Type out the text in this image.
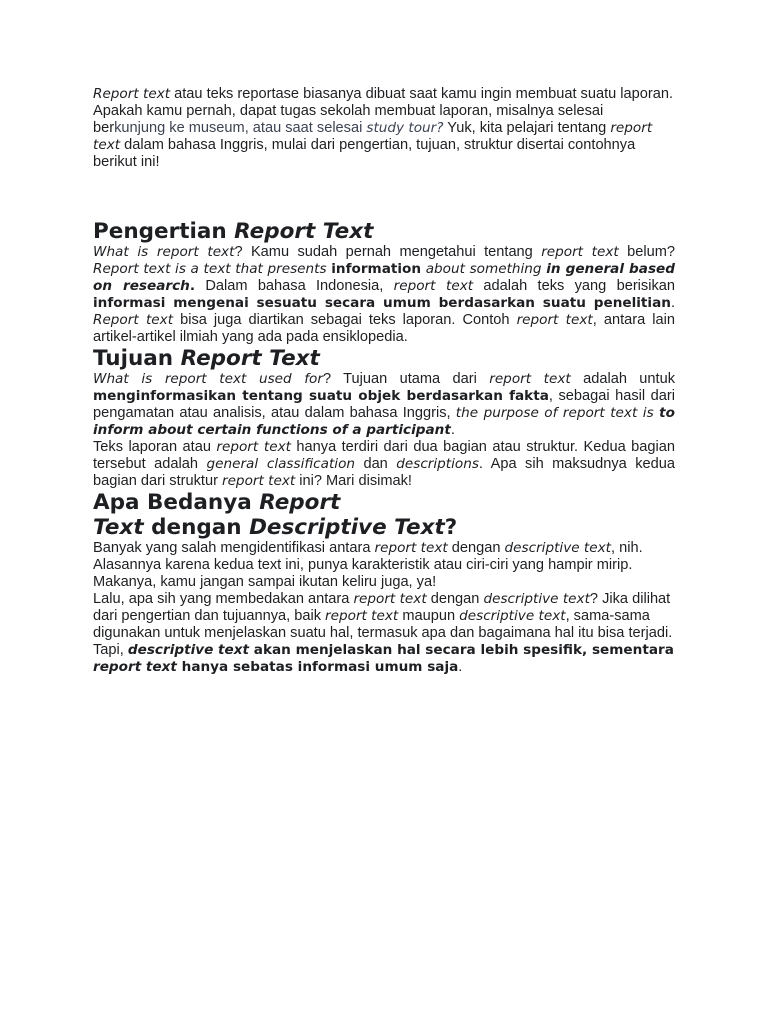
Report text atau teks reportase biasanya dibuat saat kamu ingin membuat suatu laporan. Apakah kamu pernah, dapat tugas sekolah membuat laporan, misalnya selesai berkunjung ke museum, atau saat selesai study tour? Yuk, kita pelajari tentang report text dalam bahasa Inggris, mulai dari pengertian, tujuan, struktur disertai contohnya berikut ini!

Pengertian Report Text

What is report text? Kamu sudah pernah mengetahui tentang report text belum? Report text is a text that presents information about something in general based on research. Dalam bahasa Indonesia, report text adalah teks yang berisikan informasi mengenai sesuatu secara umum berdasarkan suatu penelitian. Report text bisa juga diartikan sebagai teks laporan. Contoh report text, antara lain artikel-artikel ilmiah yang ada pada ensiklopedia.

Tujuan Report Text

What is report text used for? Tujuan utama dari report text adalah untuk menginformasikan tentang suatu objek berdasarkan fakta, sebagai hasil dari pengamatan atau analisis, atau dalam bahasa Inggris, the purpose of report text is to inform about certain functions of a participant.

Teks laporan atau report text hanya terdiri dari dua bagian atau struktur. Kedua bagian tersebut adalah general classification dan descriptions. Apa sih maksudnya kedua bagian dari struktur report text ini? Mari disimak!

Apa Bedanya Report
Text dengan Descriptive Text?

Banyak yang salah mengidentifikasi antara report text dengan descriptive text, nih. Alasannya karena kedua text ini, punya karakteristik atau ciri-ciri yang hampir mirip. Makanya, kamu jangan sampai ikutan keliru juga, ya!

Lalu, apa sih yang membedakan antara report text dengan descriptive text? Jika dilihat dari pengertian dan tujuannya, baik report text maupun descriptive text, sama-sama digunakan untuk menjelaskan suatu hal, termasuk apa dan bagaimana hal itu bisa terjadi.

Tapi, descriptive text akan menjelaskan hal secara lebih spesifik, sementara report text hanya sebatas informasi umum saja.
